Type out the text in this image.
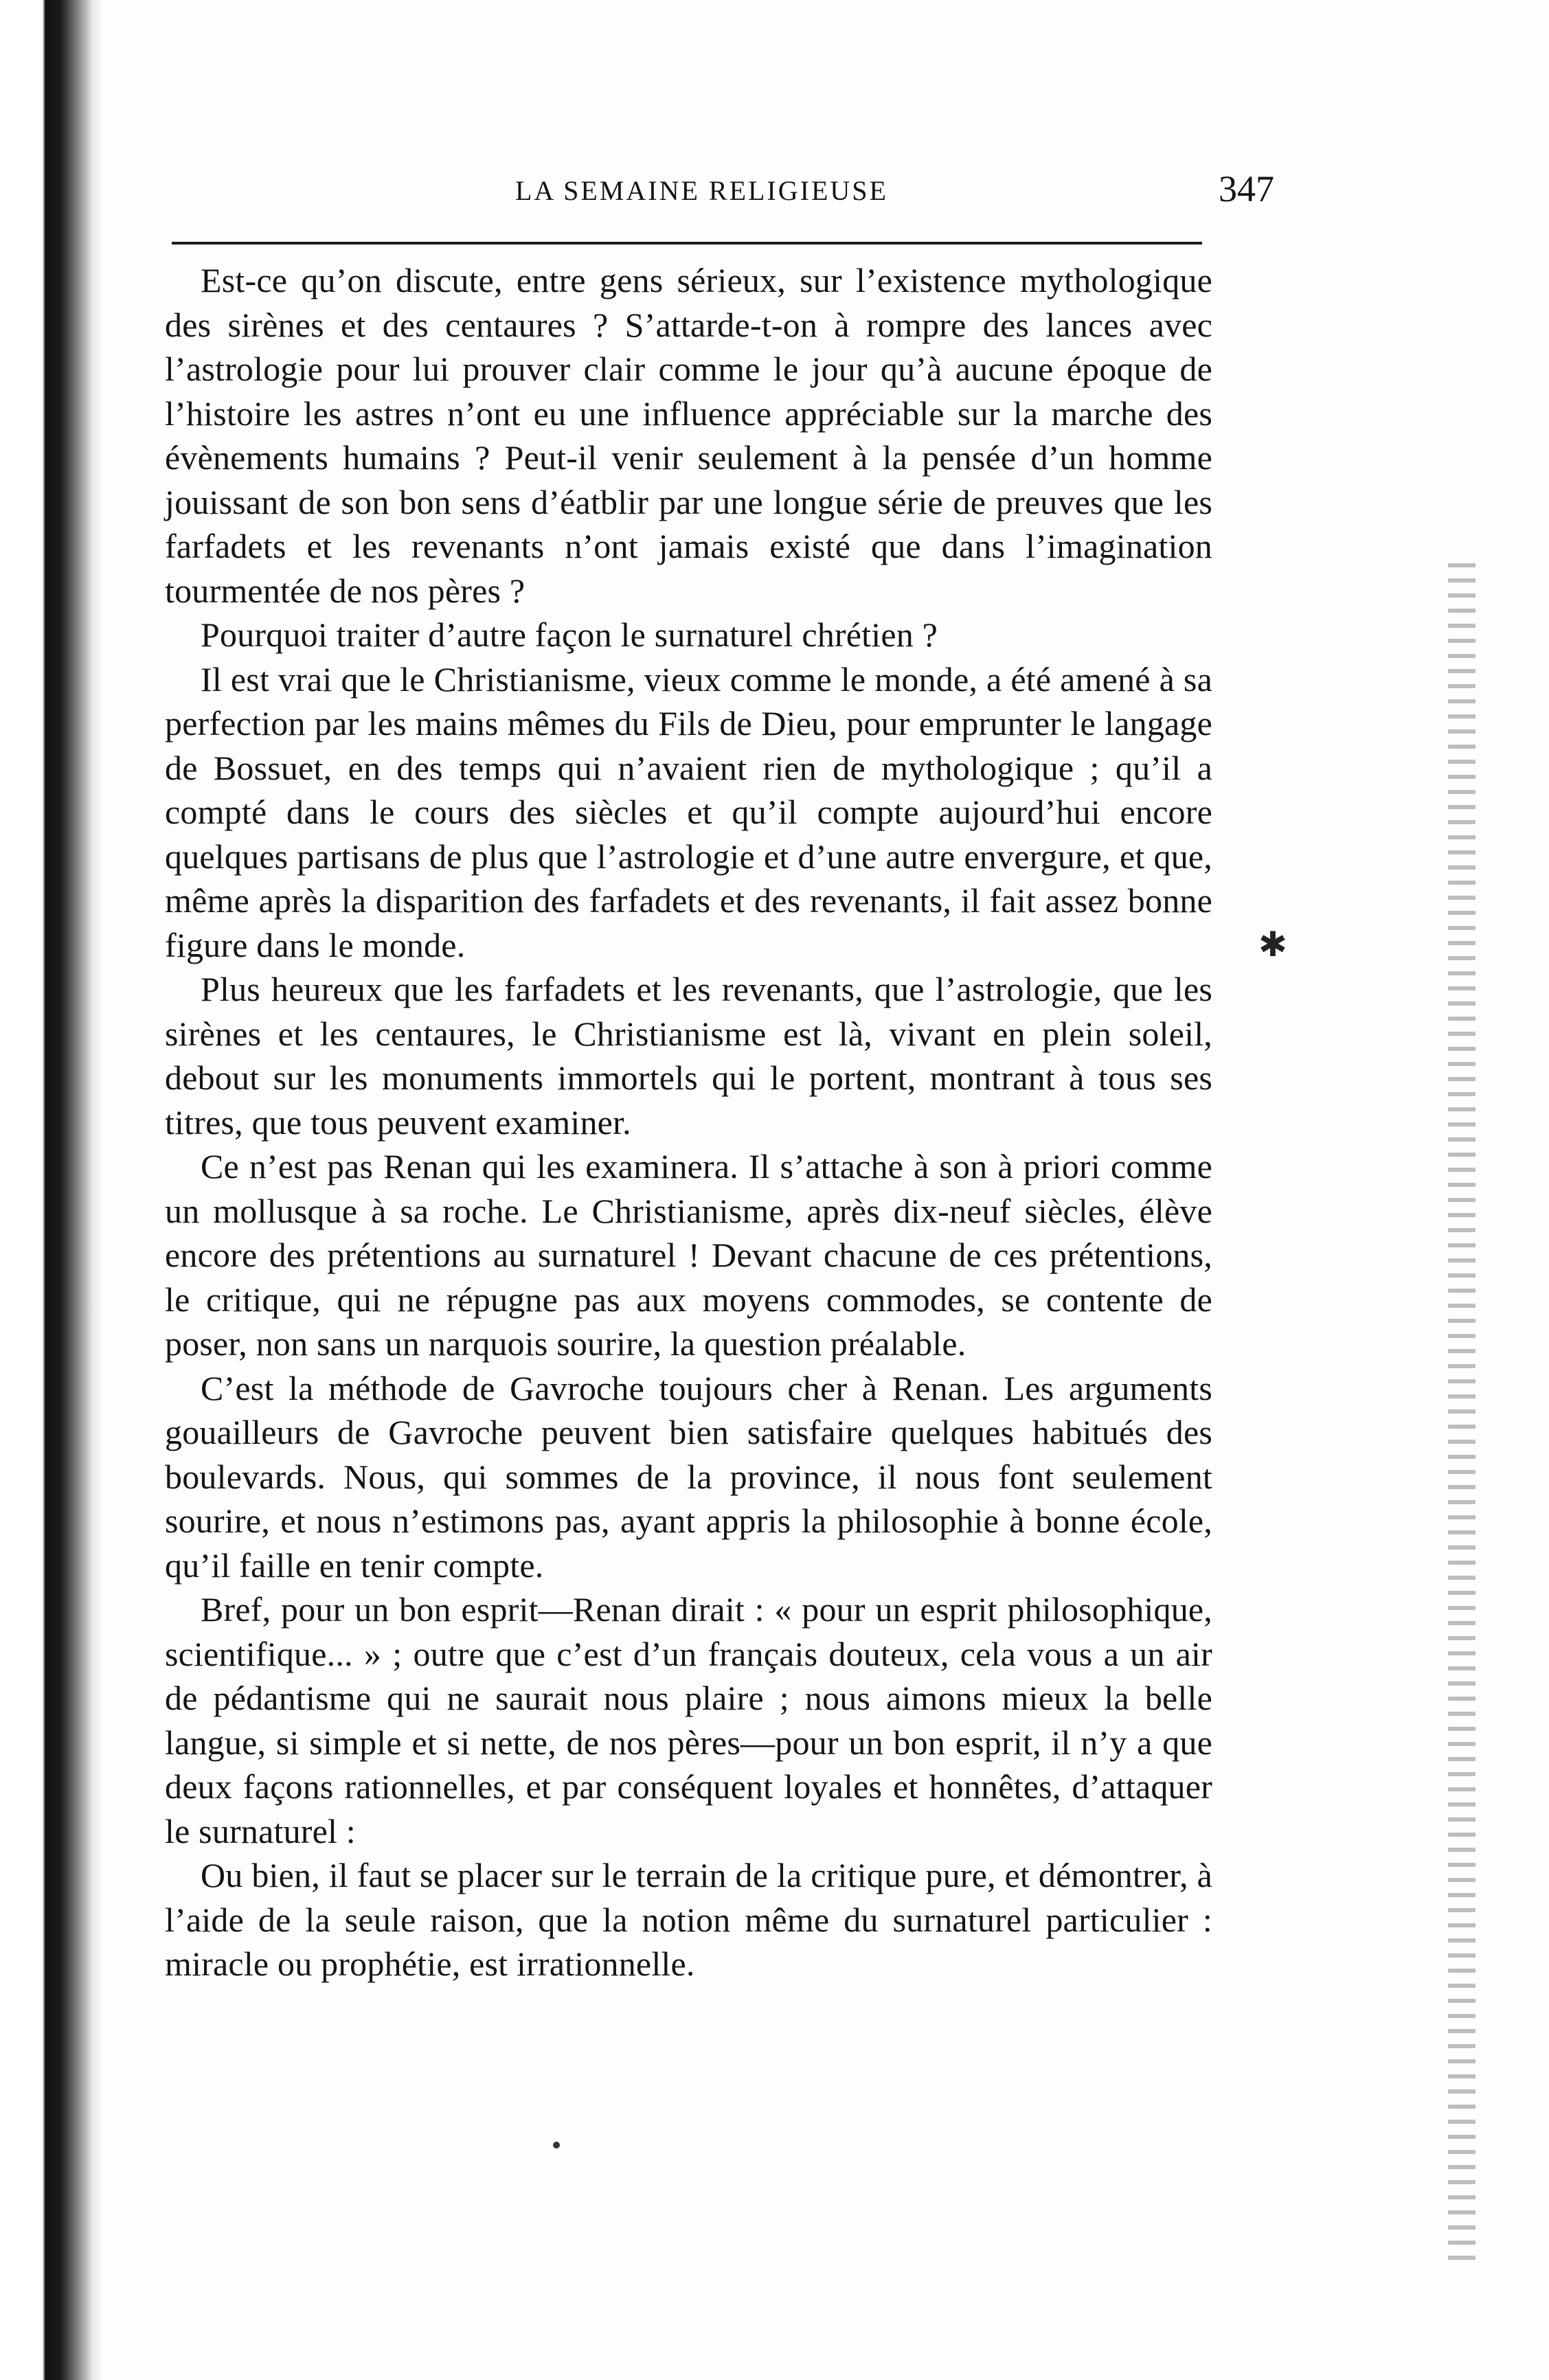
✱
LA SEMAINE RELIGIEUSE	347

Est-ce qu’on discute, entre gens sérieux, sur l’existence mythologique des sirènes et des centaures ? S’attarde-t-on à rompre des lances avec l’astrologie pour lui prouver clair comme le jour qu’à aucune époque de l’histoire les astres n’ont eu une influence appréciable sur la marche des évènements humains ? Peut-il venir seulement à la pensée d’un homme jouissant de son bon sens d’éatblir par une longue série de preuves que les farfadets et les revenants n’ont jamais existé que dans l’imagination tourmentée de nos pères ?

Pourquoi traiter d’autre façon le surnaturel chrétien ?

Il est vrai que le Christianisme, vieux comme le monde, a été amené à sa perfection par les mains mêmes du Fils de Dieu, pour emprunter le langage de Bossuet, en des temps qui n’avaient rien de mythologique ; qu’il a compté dans le cours des siècles et qu’il compte aujourd’hui encore quelques partisans de plus que l’astrologie et d’une autre envergure, et que, même après la disparition des farfadets et des revenants, il fait assez bonne figure dans le monde.

Plus heureux que les farfadets et les revenants, que l’astrologie, que les sirènes et les centaures, le Christianisme est là, vivant en plein soleil, debout sur les monuments immortels qui le portent, montrant à tous ses titres, que tous peuvent examiner.

Ce n’est pas Renan qui les examinera. Il s’attache à son à priori comme un mollusque à sa roche. Le Christianisme, après dix-neuf siècles, élève encore des prétentions au surnaturel ! Devant chacune de ces prétentions, le critique, qui ne répugne pas aux moyens commodes, se contente de poser, non sans un narquois sourire, la question préalable.

C’est la méthode de Gavroche toujours cher à Renan. Les arguments gouailleurs de Gavroche peuvent bien satisfaire quelques habitués des boulevards. Nous, qui sommes de la province, il nous font seulement sourire, et nous n’estimons pas, ayant appris la philosophie à bonne école, qu’il faille en tenir compte.

Bref, pour un bon esprit—Renan dirait : « pour un esprit philosophique, scientifique... » ; outre que c’est d’un français douteux, cela vous a un air de pédantisme qui ne saurait nous plaire ; nous aimons mieux la belle langue, si simple et si nette, de nos pères—pour un bon esprit, il n’y a que deux façons rationnelles, et par conséquent loyales et honnêtes, d’attaquer le surnaturel :

Ou bien, il faut se placer sur le terrain de la critique pure, et démontrer, à l’aide de la seule raison, que la notion même du surnaturel particulier : miracle ou prophétie, est irrationnelle.
